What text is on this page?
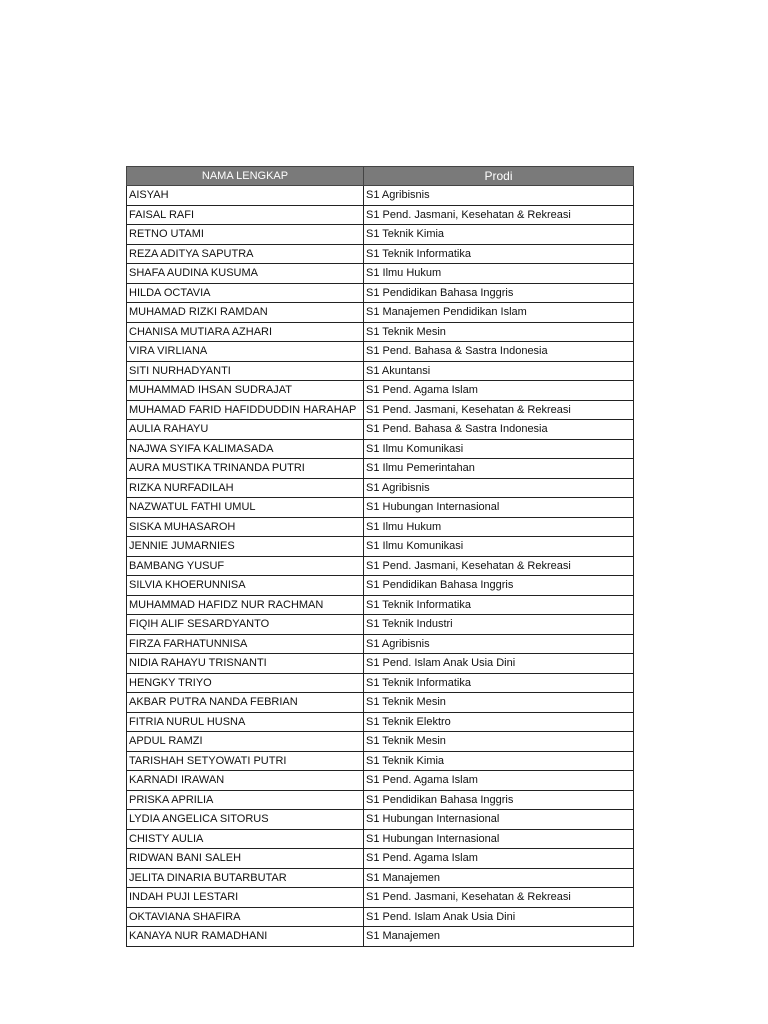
NAMA LENGKAP	Prodi
AISYAH	S1 Agribisnis
FAISAL RAFI	S1 Pend. Jasmani, Kesehatan & Rekreasi
RETNO UTAMI	S1 Teknik Kimia
REZA ADITYA SAPUTRA	S1 Teknik Informatika
SHAFA AUDINA KUSUMA	S1 Ilmu Hukum
HILDA OCTAVIA	S1 Pendidikan Bahasa Inggris
MUHAMAD RIZKI RAMDAN	S1 Manajemen Pendidikan Islam
CHANISA MUTIARA AZHARI	S1 Teknik Mesin
VIRA VIRLIANA	S1 Pend. Bahasa & Sastra Indonesia
SITI NURHADYANTI	S1 Akuntansi
MUHAMMAD IHSAN SUDRAJAT	S1 Pend. Agama Islam
MUHAMAD FARID HAFIDDUDDIN HARAHAP	S1 Pend. Jasmani, Kesehatan & Rekreasi
AULIA RAHAYU	S1 Pend. Bahasa & Sastra Indonesia
NAJWA SYIFA KALIMASADA	S1 Ilmu Komunikasi
AURA MUSTIKA TRINANDA PUTRI	S1 Ilmu Pemerintahan
RIZKA NURFADILAH	S1 Agribisnis
NAZWATUL FATHI UMUL	S1 Hubungan Internasional
SISKA MUHASAROH	S1 Ilmu Hukum
JENNIE JUMARNIES	S1 Ilmu Komunikasi
BAMBANG YUSUF	S1 Pend. Jasmani, Kesehatan & Rekreasi
SILVIA KHOERUNNISA	S1 Pendidikan Bahasa Inggris
MUHAMMAD HAFIDZ NUR RACHMAN	S1 Teknik Informatika
FIQIH ALIF SESARDYANTO	S1 Teknik Industri
FIRZA FARHATUNNISA	S1 Agribisnis
NIDIA RAHAYU TRISNANTI	S1 Pend. Islam Anak Usia Dini
HENGKY TRIYO	S1 Teknik Informatika
AKBAR PUTRA NANDA FEBRIAN	S1 Teknik Mesin
FITRIA NURUL HUSNA	S1 Teknik Elektro
APDUL RAMZI	S1 Teknik Mesin
TARISHAH SETYOWATI PUTRI	S1 Teknik Kimia
KARNADI IRAWAN	S1 Pend. Agama Islam
PRISKA APRILIA	S1 Pendidikan Bahasa Inggris
LYDIA ANGELICA SITORUS	S1 Hubungan Internasional
CHISTY AULIA	S1 Hubungan Internasional
RIDWAN BANI SALEH	S1 Pend. Agama Islam
JELITA DINARIA BUTARBUTAR	S1 Manajemen
INDAH PUJI LESTARI	S1 Pend. Jasmani, Kesehatan & Rekreasi
OKTAVIANA SHAFIRA	S1 Pend. Islam Anak Usia Dini
KANAYA NUR RAMADHANI	S1 Manajemen
